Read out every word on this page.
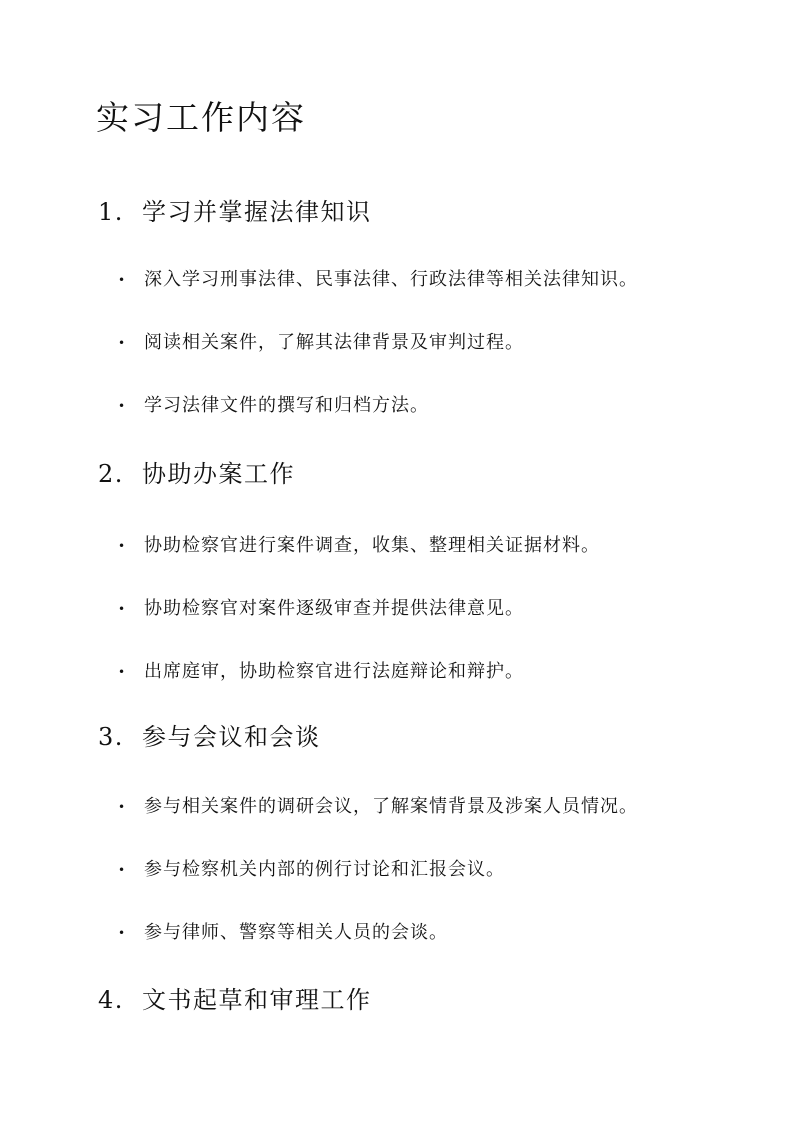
实习工作内容
1. 学习并掌握法律知识
• 深入学习刑事法律、民事法律、行政法律等相关法律知识。
• 阅读相关案件，了解其法律背景及审判过程。
• 学习法律文件的撰写和归档方法。
2. 协助办案工作
• 协助检察官进行案件调查，收集、整理相关证据材料。
• 协助检察官对案件逐级审查并提供法律意见。
• 出席庭审，协助检察官进行法庭辩论和辩护。
3. 参与会议和会谈
• 参与相关案件的调研会议，了解案情背景及涉案人员情况。
• 参与检察机关内部的例行讨论和汇报会议。
• 参与律师、警察等相关人员的会谈。
4. 文书起草和审理工作
